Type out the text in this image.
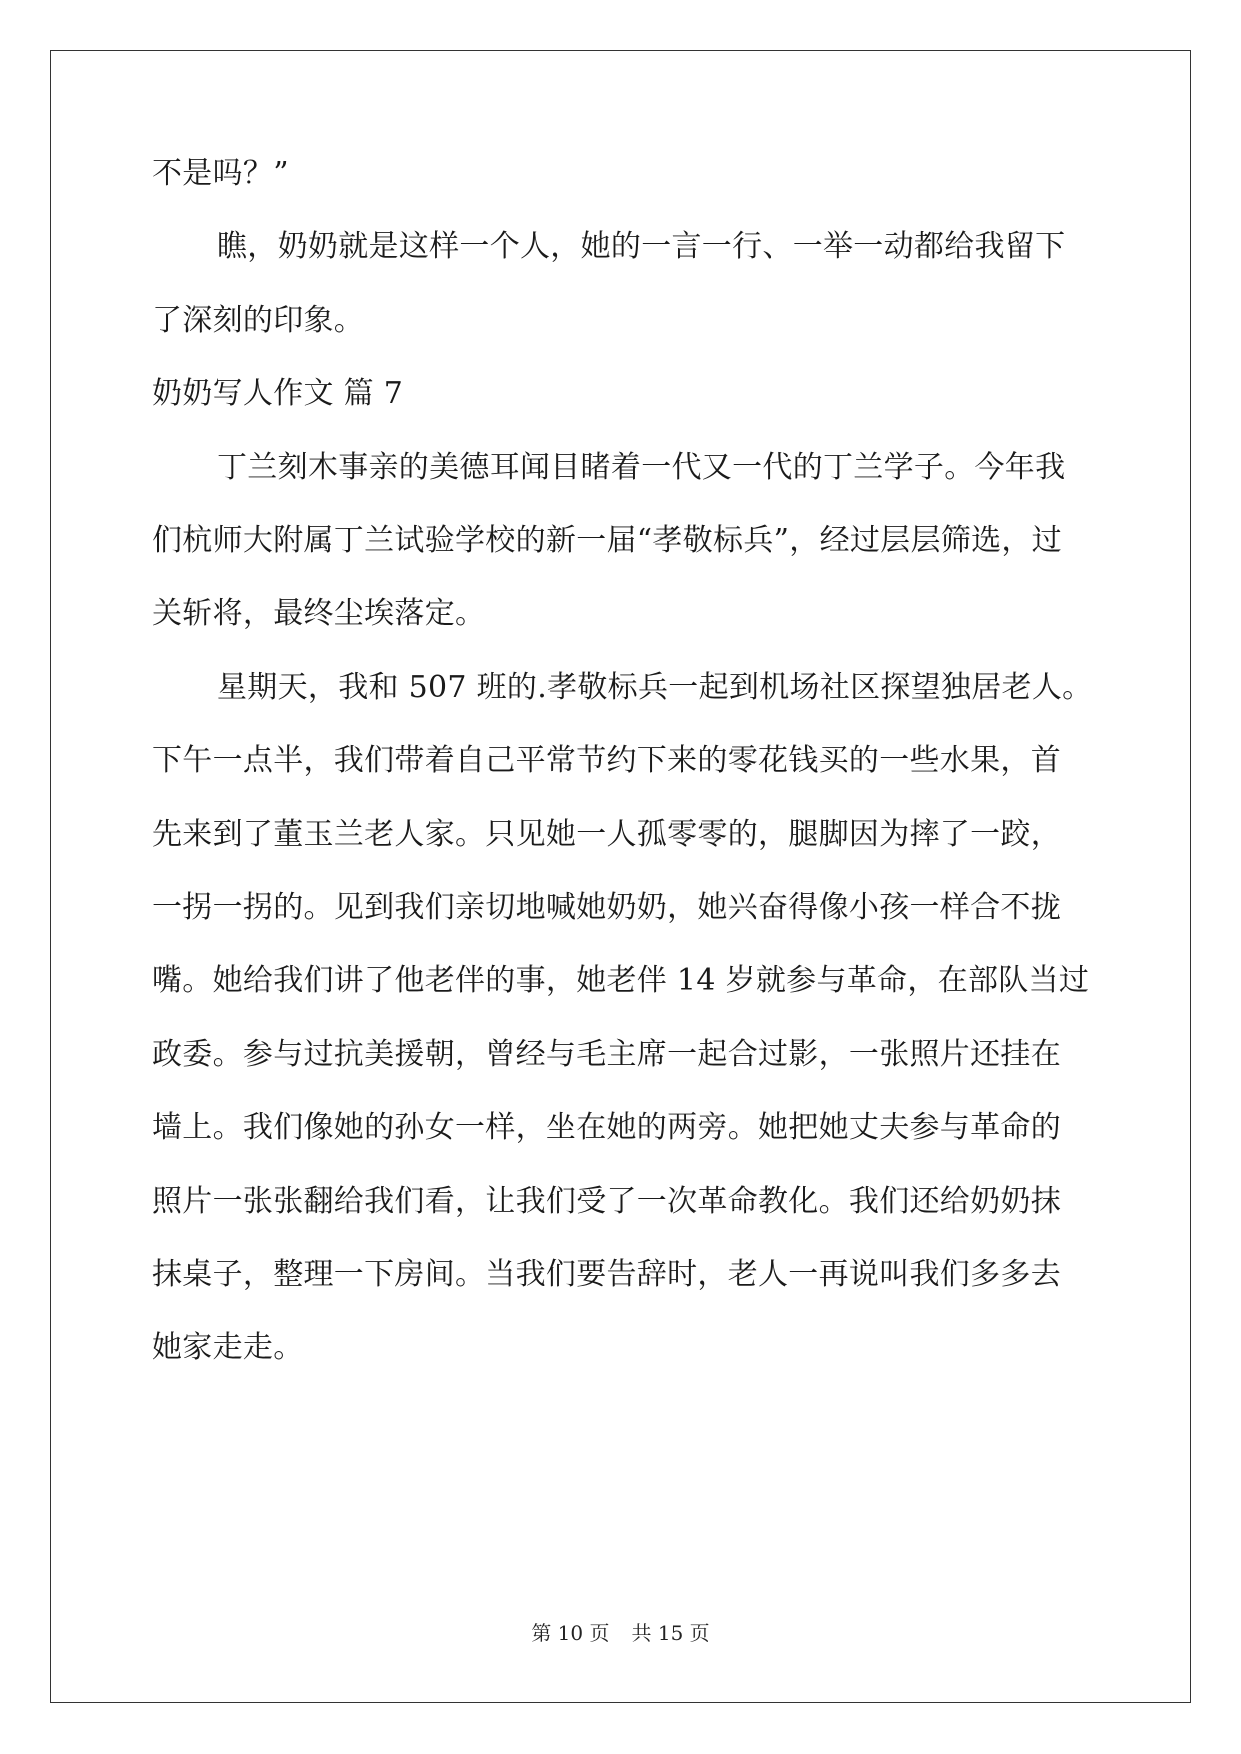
不是吗？”
瞧，奶奶就是这样一个人，她的一言一行、一举一动都给我留下
了深刻的印象。
奶奶写人作文 篇 7
丁兰刻木事亲的美德耳闻目睹着一代又一代的丁兰学子。今年我
们杭师大附属丁兰试验学校的新一届“孝敬标兵”，经过层层筛选，过
关斩将，最终尘埃落定。
星期天，我和 507 班的.孝敬标兵一起到机场社区探望独居老人。
下午一点半，我们带着自己平常节约下来的零花钱买的一些水果，首
先来到了董玉兰老人家。只见她一人孤零零的，腿脚因为摔了一跤，
一拐一拐的。见到我们亲切地喊她奶奶，她兴奋得像小孩一样合不拢
嘴。她给我们讲了他老伴的事，她老伴 14 岁就参与革命，在部队当过
政委。参与过抗美援朝，曾经与毛主席一起合过影，一张照片还挂在
墙上。我们像她的孙女一样，坐在她的两旁。她把她丈夫参与革命的
照片一张张翻给我们看，让我们受了一次革命教化。我们还给奶奶抹
抹桌子，整理一下房间。当我们要告辞时，老人一再说叫我们多多去
她家走走。
第 10 页 共 15 页
